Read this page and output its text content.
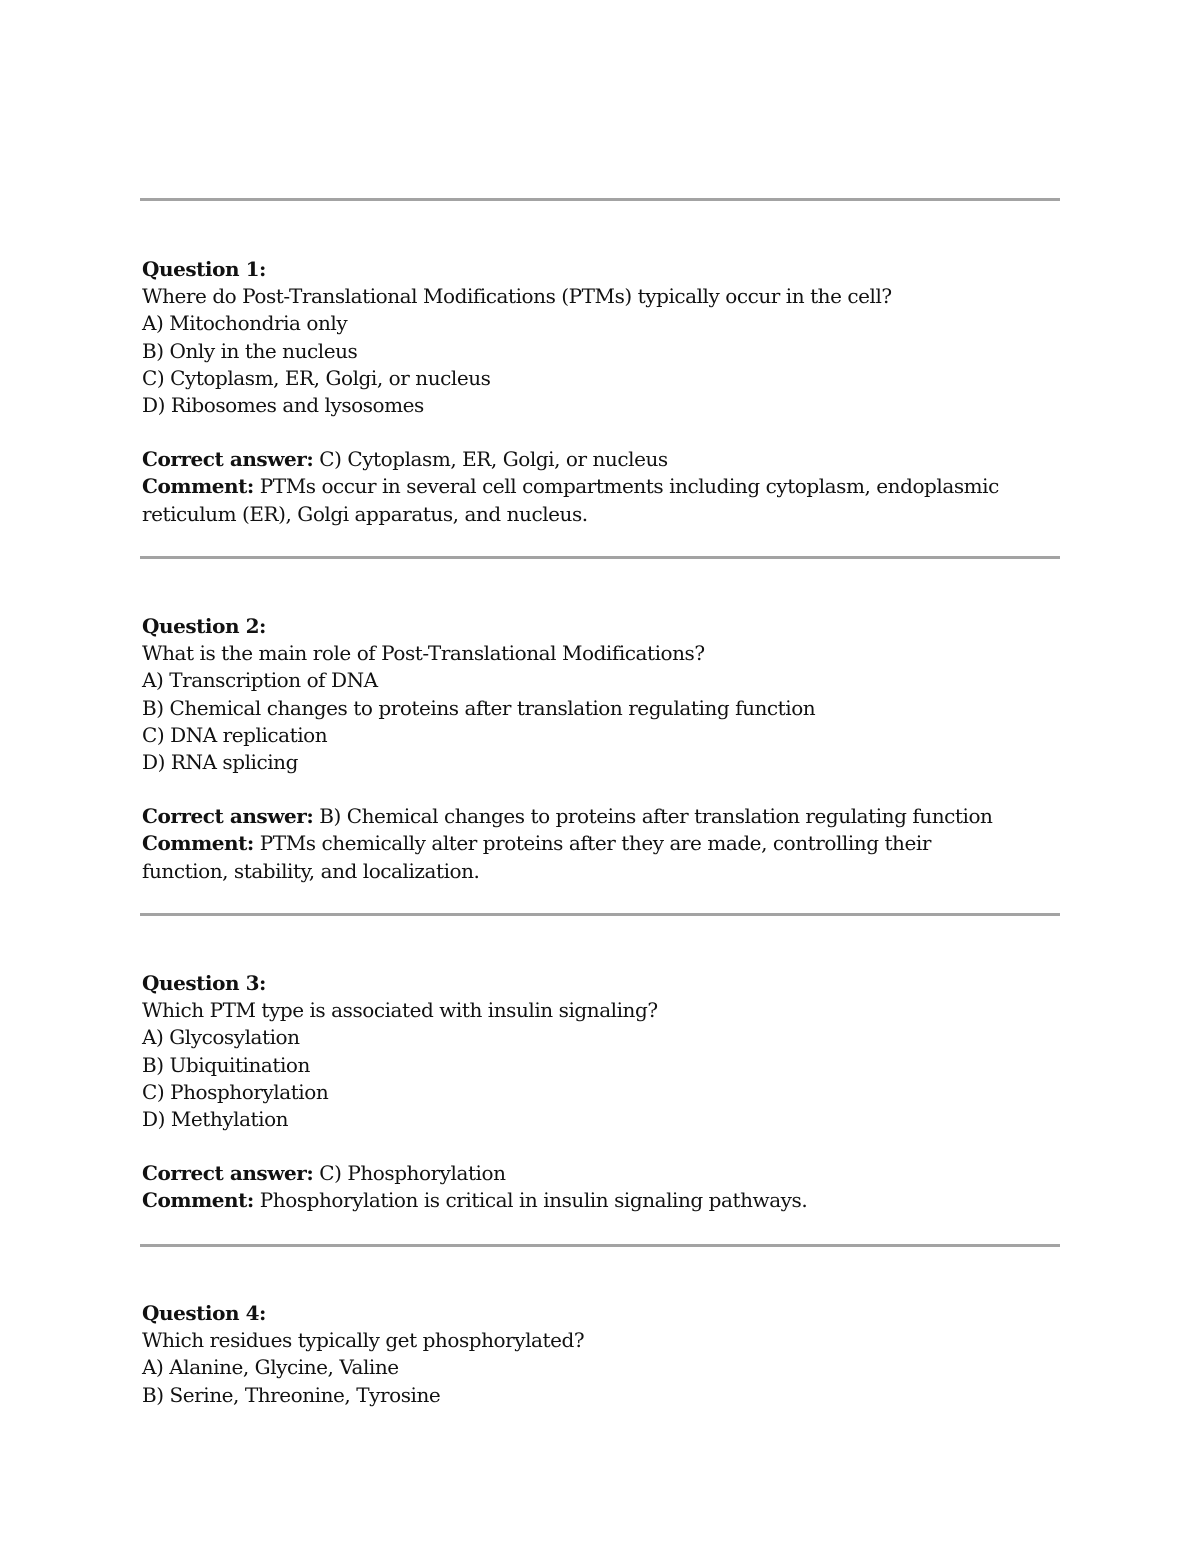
Question 1:
Where do Post-Translational Modifications (PTMs) typically occur in the cell?
A) Mitochondria only
B) Only in the nucleus
C) Cytoplasm, ER, Golgi, or nucleus
D) Ribosomes and lysosomes
Correct answer: C) Cytoplasm, ER, Golgi, or nucleus
Comment: PTMs occur in several cell compartments including cytoplasm, endoplasmic reticulum (ER), Golgi apparatus, and nucleus.
Question 2:
What is the main role of Post-Translational Modifications?
A) Transcription of DNA
B) Chemical changes to proteins after translation regulating function
C) DNA replication
D) RNA splicing
Correct answer: B) Chemical changes to proteins after translation regulating function
Comment: PTMs chemically alter proteins after they are made, controlling their function, stability, and localization.
Question 3:
Which PTM type is associated with insulin signaling?
A) Glycosylation
B) Ubiquitination
C) Phosphorylation
D) Methylation
Correct answer: C) Phosphorylation
Comment: Phosphorylation is critical in insulin signaling pathways.
Question 4:
Which residues typically get phosphorylated?
A) Alanine, Glycine, Valine
B) Serine, Threonine, Tyrosine
